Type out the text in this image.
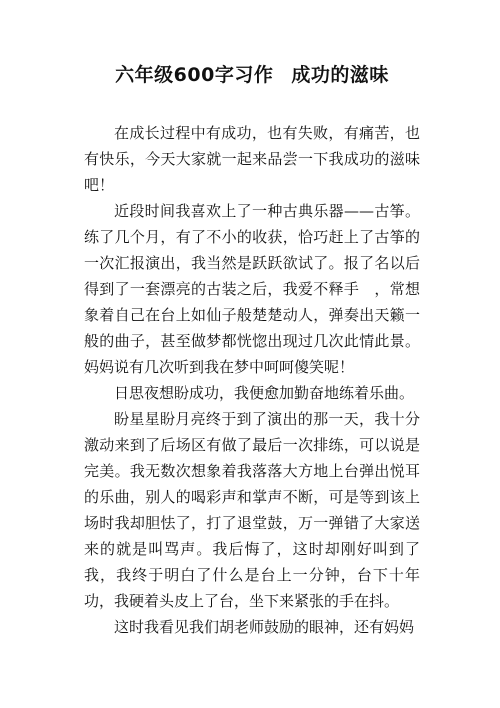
六年级600字习作 成功的滋味

在成长过程中有成功，也有失败，有痛苦，也有快乐，今天大家就一起来品尝一下我成功的滋味吧！

近段时间我喜欢上了一种古典乐器——古筝。练了几个月，有了不小的收获，恰巧赶上了古筝的一次汇报演出，我当然是跃跃欲试了。报了名以后得到了一套漂亮的古装之后，我爱不释手　，常想象着自己在台上如仙子般楚楚动人，弹奏出天籁一般的曲子，甚至做梦都恍惚出现过几次此情此景。妈妈说有几次听到我在梦中呵呵傻笑呢！

日思夜想盼成功，我便愈加勤奋地练着乐曲。

盼星星盼月亮终于到了演出的那一天，我十分激动来到了后场区有做了最后一次排练，可以说是完美。我无数次想象着我落落大方地上台弹出悦耳的乐曲，别人的喝彩声和掌声不断，可是等到该上场时我却胆怯了，打了退堂鼓，万一弹错了大家送来的就是叫骂声。我后悔了，这时却刚好叫到了我，我终于明白了什么是台上一分钟，台下十年功，我硬着头皮上了台，坐下来紧张的手在抖。

这时我看见我们胡老师鼓励的眼神，还有妈妈
